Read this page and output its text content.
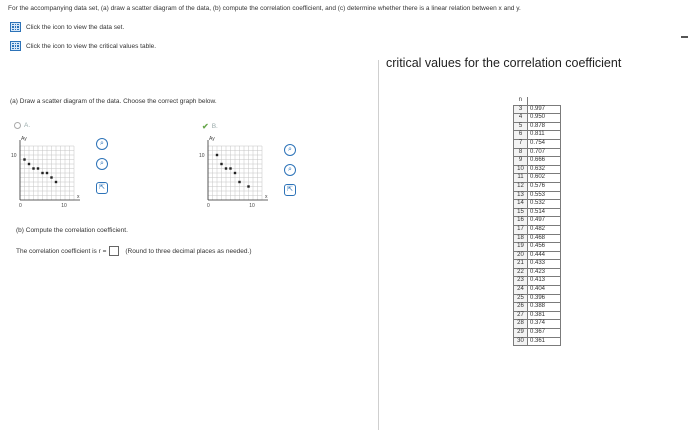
For the accompanying data set, (a) draw a scatter diagram of the data, (b) compute the correlation coefficient, and (c) determine whether there is a linear relation between x and y.
Click the icon to view the data set.
Click the icon to view the critical values table.
(a) Draw a scatter diagram of the data. Choose the correct graph below.
A.
Ay
10
0	10
x
⌕
⌕
⇱
✔ B.
Ay
10
0	10
x
⌕
⌕
⇱
(b) Compute the correlation coefficient.
The correlation coefficient is r =	(Round to three decimal places as needed.)
critical values for the correlation coefficient
n	
3	0.997
4	0.950
5	0.878
6	0.811
7	0.754
8	0.707
9	0.666
10	0.632
11	0.602
12	0.576
13	0.553
14	0.532
15	0.514
16	0.497
17	0.482
18	0.468
19	0.456
20	0.444
21	0.433
22	0.423
23	0.413
24	0.404
25	0.396
26	0.388
27	0.381
28	0.374
29	0.367
30	0.361
